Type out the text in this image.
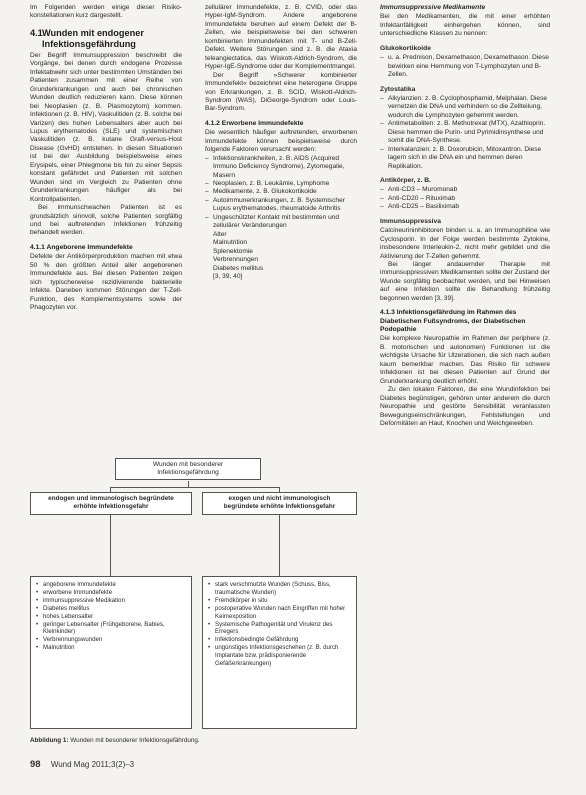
Im Folgenden werden einige dieser Risiko-konstellationen kurz dargestellt.

4.1Wunden mit endogener
Infektionsgefährdung

Der Begriff Immunsuppression beschreibt die Vorgänge, bei denen durch endogene Prozesse Infektabwehr sich unter bestimmten Umständen bei Patienten zusammen mit einer Reihe von Grunderkrankungen und auch bei chronischen Wunden deutlich reduzieren kann. Diese können bei Neoplasien (z. B. Plasmozytom) kommen. Infektionen (z. B. HIV), Vaskulitiden (z. B. solche bei Varizen) des hohen Lebensalters aber auch bei Lupus erythematodes (SLE) und systemischen Vaskulitiden (z. B. kutane Graft-versus-Host Disease (GvHD) entstehen. In diesen Situationen ist bei der Ausbildung beispielsweise eines Erysipels, einer Phlegmone bis hin zu einer Sepsis konstant gefährdet und Patienten mit solchen Wunden sind im Vergleich zu Patienten ohne Grunderkrankungen häufiger als bei Kontrollpatienten.

Bei immunschwachen Patienten ist es grundsätzlich sinnvoll, solche Patienten sorgfältig und bei auftretenden Infektionen frühzeitig behandelt werden.

4.1.1 Angeborene Immundefekte

Defekte der Antikörperproduktion machen mit etwa 50 % den größten Anteil aller angeborenen Immundefekte aus. Bei diesen Patienten zeigen sich typischerweise rezidivierende bakterielle Infekte. Daneben kommen Störungen der T-Zell-Funktion, des Komplementsystems sowie der Phagozyten vor.

zellulärer Immundefekte, z. B. CVID, oder das Hyper-IgM-Syndrom. Andere angeborene Immundefekte beruhen auf einem Defekt der B-Zellen, wie beispielsweise bei den schweren kombinierten Immundefekten mit T- und B-Zell-Defekt. Weitere Störungen sind z. B. die Ataxia teleangiectatica, das Wiskott-Aldrich-Syndrom, die Hyper-IgE-Syndrome oder der Komplementmangel.

Der Begriff »Schwerer kombinierter Immundefekt« bezeichnet eine heterogene Gruppe von Erkrankungen, z. B. SCID, Wiskott-Aldrich-Syndrom (WAS), DiGeorge-Syndrom oder Louis-Bar-Syndrom.

4.1.2 Erworbene Immundefekte

Die wesentlich häufiger auftretenden, erworbenen Immundefekte können beispielsweise durch folgende Faktoren verursacht werden:

– Infektionskrankheiten, z. B. AIDS (Acquired Immuno Deficiency Syndrome), Zytomegalie, Masern
– Neoplasien, z. B. Leukämie, Lymphome
– Medikamente, z. B. Glukokortikoide
– Autoimmunerkrankungen, z. B. Systemischer Lupus erythematodes, rheumatoide Arthritis
– Ungeschützter Kontakt mit bestimmten und zellulärer Veränderungen
Alter
Malnutrition
Splenektomie
Verbrennungen
Diabetes mellitus
[3, 39, 40]
Immunsuppressive Medikamente

Bei den Medikamenten, die mit einer erhöhten Infektanfälligkeit einhergehen können, sind unterschiedliche Klassen zu nennen:

Glukokortikoide
– u. a. Prednison, Dexamethason, Dexamethason. Diese bewirken eine Hemmung von T-Lymphozyten und B-Zellen.
Zytostatika
– Alkylanzien: z. B. Cyclophosphamid, Melphalan. Diese vernetzen die DNA und verhindern so die Zellteilung, wodurch die Lymphozyten gehemmt werden.
– Antimetaboliten: z. B. Methotrexat (MTX), Azathioprin. Diese hemmen die Purin- und Pyrimidinsynthese und somit die DNA-Synthese.
– Interkalanzien: z. B. Doxorubicin, Mitoxantron. Diese lagern sich in die DNA ein und hemmen deren Replikation.
Antikörper, z. B.
– Anti-CD3 – Muromonab
– Anti-CD20 – Rituximab
– Anti-CD25 – Basiliximab
Immunsuppressiva

Calcineurininhibitoren binden u. a. an Immunophiline wie Cyclosporin. In der Folge werden bestimmte Zytokine, insbesondere Interleukin-2, nicht mehr gebildet und die Aktivierung der T-Zellen gehemmt.

Bei länger andauernder Therapie mit immunsuppressiven Medikamenten sollte der Zustand der Wunde sorgfältig beobachtet werden, und bei Hinweisen auf eine Infektion sollte die Behandlung frühzeitig begonnen werden [3, 39].

4.1.3 Infektionsgefährdung im Rahmen des Diabetischen Fußsyndroms, der Diabetischen Podopathie

Die komplexe Neuropathie im Rahmen der periphere (z. B. motorischen und autonomen) Funktionen ist die wichtigste Ursache für Ulzerationen, die sich nach außen kaum bemerkbar machen. Das Risiko für schwere Infektionen ist bei diesen Patienten auf Grund der Grunderkrankung deutlich erhöht.

Zu den lokalen Faktoren, die eine Wundinfektion bei Diabetes begünstigen, gehören unter anderem die durch Neuropathie und gestörte Sensibilität veranlassten Bewegungseinschränkungen, Fehlstellungen und Deformitäten an Haut, Knochen und Weichgeweben.

Wunden mit besonderer
Infektionsgefährdung
endogen und immunologisch begründete
erhöhte Infektionsgefahr
exogen und nicht immunologisch
begründete erhöhte Infektionsgefahr
• angeborene Immundefekte
• erworbene Immundefekte
• immunsuppressive Medikation
• Diabetes mellitus
• hohes Lebensalter
• geringer Lebensalter (Frühgeborene, Babies, Kleinkinder)
• Verbrennungswunden
• Malnutrition
• stark verschmutzte Wunden (Schuss, Biss, traumatische Wunden)
• Fremdkörper in situ
• postoperative Wunden nach Eingriffen mit hoher Keimexposition
• Systemische Pathogenität und Virulenz des Erregers
• Infektionsbedingte Gefährdung
• ungünstiges Infektionsgeschehen (z. B. durch Implantate bzw. prädisponierende Gefäßerkrankungen)
Abbildung 1: Wunden mit besonderer Infektionsgefährdung.
98 Wund Mag 2011;3(2)–3
